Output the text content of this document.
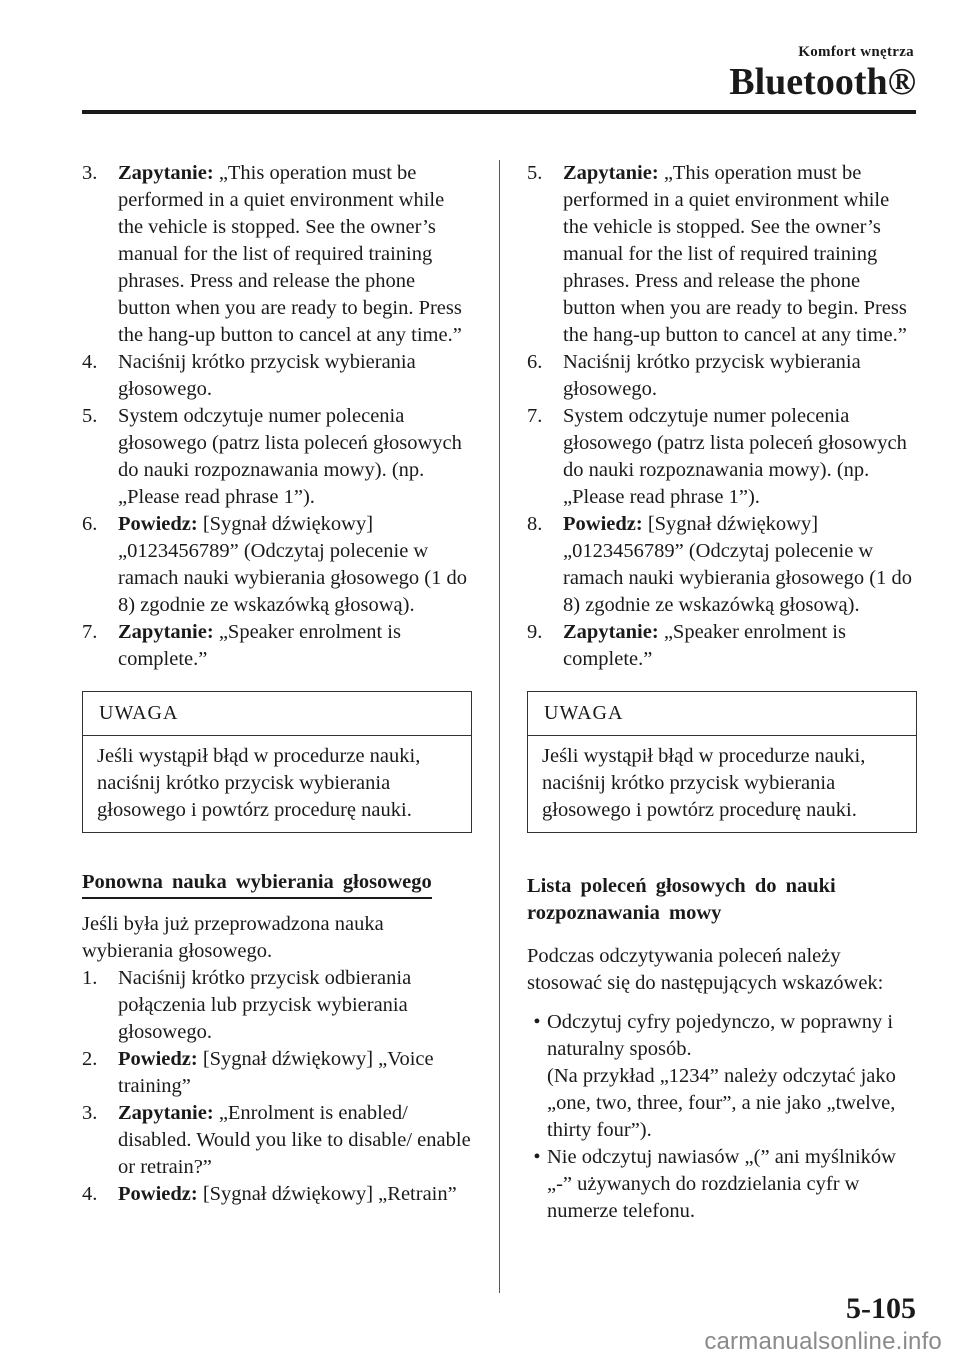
Komfort wnętrza
Bluetooth®
3.	Zapytanie: „This operation must be performed in a quiet environment while the vehicle is stopped. See the owner’s manual for the list of required training phrases. Press and release the phone button when you are ready to begin. Press the hang-up button to cancel at any time.”
4.	Naciśnij krótko przycisk wybierania głosowego.
5.	System odczytuje numer polecenia głosowego (patrz lista poleceń głosowych do nauki rozpoznawania mowy). (np. „Please read phrase 1”).
6.	Powiedz: [Sygnał dźwiękowy] „0123456789” (Odczytaj polecenie w ramach nauki wybierania głosowego (1 do 8) zgodnie ze wskazówką głosową).
7.	Zapytanie: „Speaker enrolment is complete.”
UWAGA
Jeśli wystąpił błąd w procedurze nauki, naciśnij krótko przycisk wybierania głosowego i powtórz procedurę nauki.
Ponowna nauka wybierania głosowego
Jeśli była już przeprowadzona nauka wybierania głosowego.
1.	Naciśnij krótko przycisk odbierania połączenia lub przycisk wybierania głosowego.
2.	Powiedz: [Sygnał dźwiękowy] „Voice training”
3.	Zapytanie: „Enrolment is enabled/ disabled. Would you like to disable/ enable or retrain?”
4.	Powiedz: [Sygnał dźwiękowy] „Retrain”
5.	Zapytanie: „This operation must be performed in a quiet environment while the vehicle is stopped. See the owner’s manual for the list of required training phrases. Press and release the phone button when you are ready to begin. Press the hang-up button to cancel at any time.”
6.	Naciśnij krótko przycisk wybierania głosowego.
7.	System odczytuje numer polecenia głosowego (patrz lista poleceń głosowych do nauki rozpoznawania mowy). (np. „Please read phrase 1”).
8.	Powiedz: [Sygnał dźwiękowy] „0123456789” (Odczytaj polecenie w ramach nauki wybierania głosowego (1 do 8) zgodnie ze wskazówką głosową).
9.	Zapytanie: „Speaker enrolment is complete.”
UWAGA
Jeśli wystąpił błąd w procedurze nauki, naciśnij krótko przycisk wybierania głosowego i powtórz procedurę nauki.
Lista poleceń głosowych do nauki rozpoznawania mowy
Podczas odczytywania poleceń należy stosować się do następujących wskazówek:
• Odczytuj cyfry pojedynczo, w poprawny i naturalny sposób.
(Na przykład „1234” należy odczytać jako „one, two, three, four”, a nie jako „twelve, thirty four”).
• Nie odczytuj nawiasów „(” ani myślników „-” używanych do rozdzielania cyfr w numerze telefonu.
5-105
carmanualsonline.info
